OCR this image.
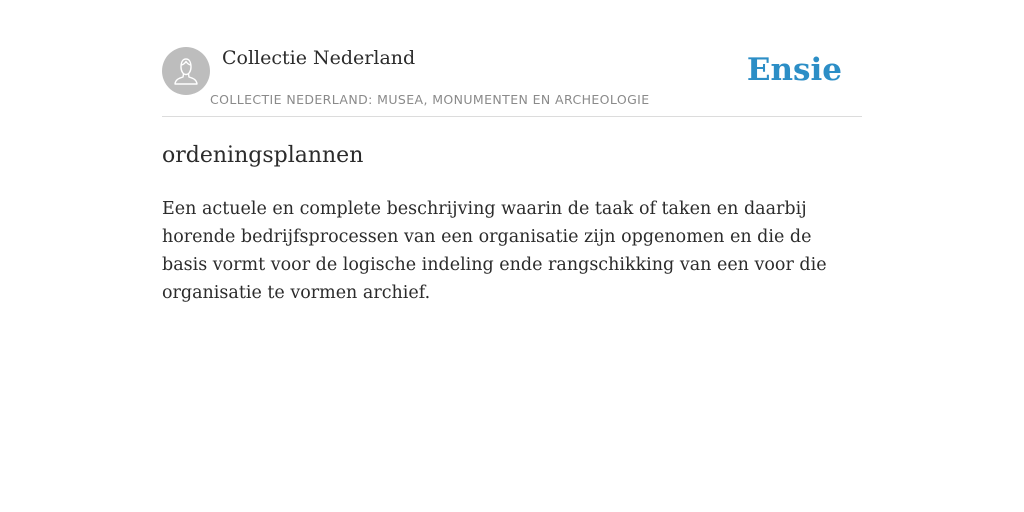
Collectie Nederland
COLLECTIE NEDERLAND: MUSEA, MONUMENTEN EN ARCHEOLOGIE
Ensie
ordeningsplannen

Een actuele en complete beschrijving waarin de taak of taken en daarbij horende bedrijfsprocessen van een organisatie zijn opgenomen en die de basis vormt voor de logische indeling ende rangschikking van een voor die organisatie te vormen archief.
